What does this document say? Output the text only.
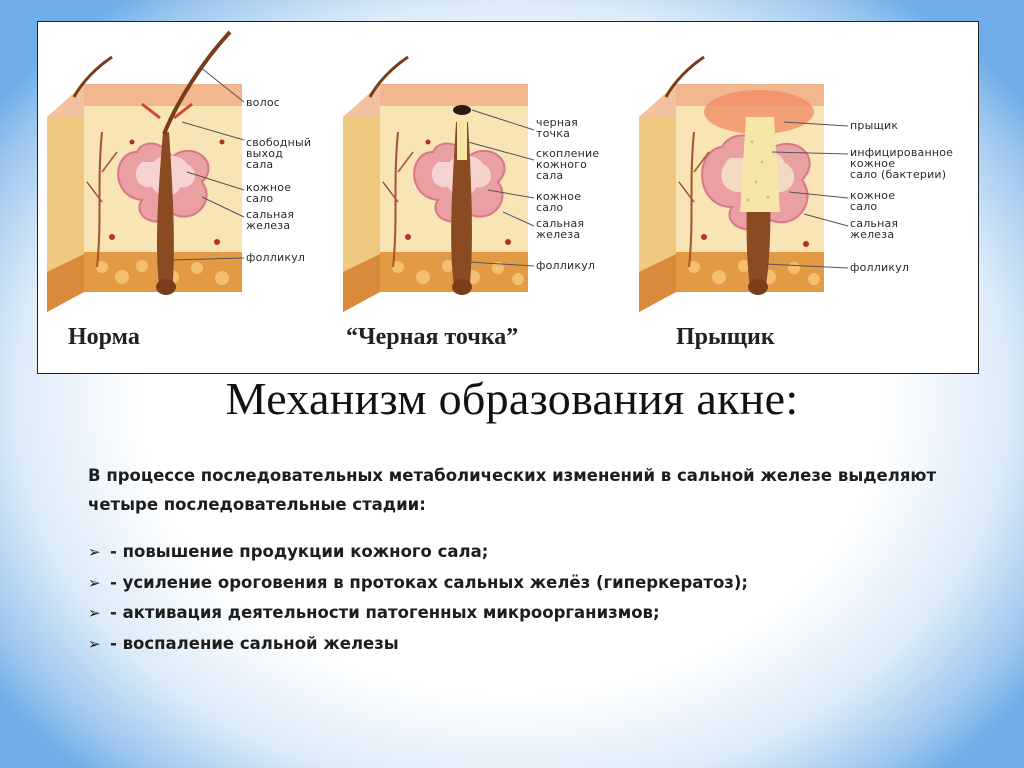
волос
свободный
выход
сала
кожное
сало
сальная
железа
фолликул
черная
точка
скопление
кожного
сала
кожное
сало
сальная
железа
фолликул
прыщик
инфицированное
кожное
сало (бактерии)
кожное
сало
сальная
железа
фолликул
Норма	“Черная точка”	Прыщик
Механизм образования акне:
В процессе последовательных метаболических изменений в сальной железе выделяют четыре последовательные стадии:
➢ - повышение продукции кожного сала;
➢ - усиление ороговения в протоках сальных желёз (гиперкератоз);
➢ - активация деятельности патогенных микроорганизмов;
➢ - воспаление сальной железы
